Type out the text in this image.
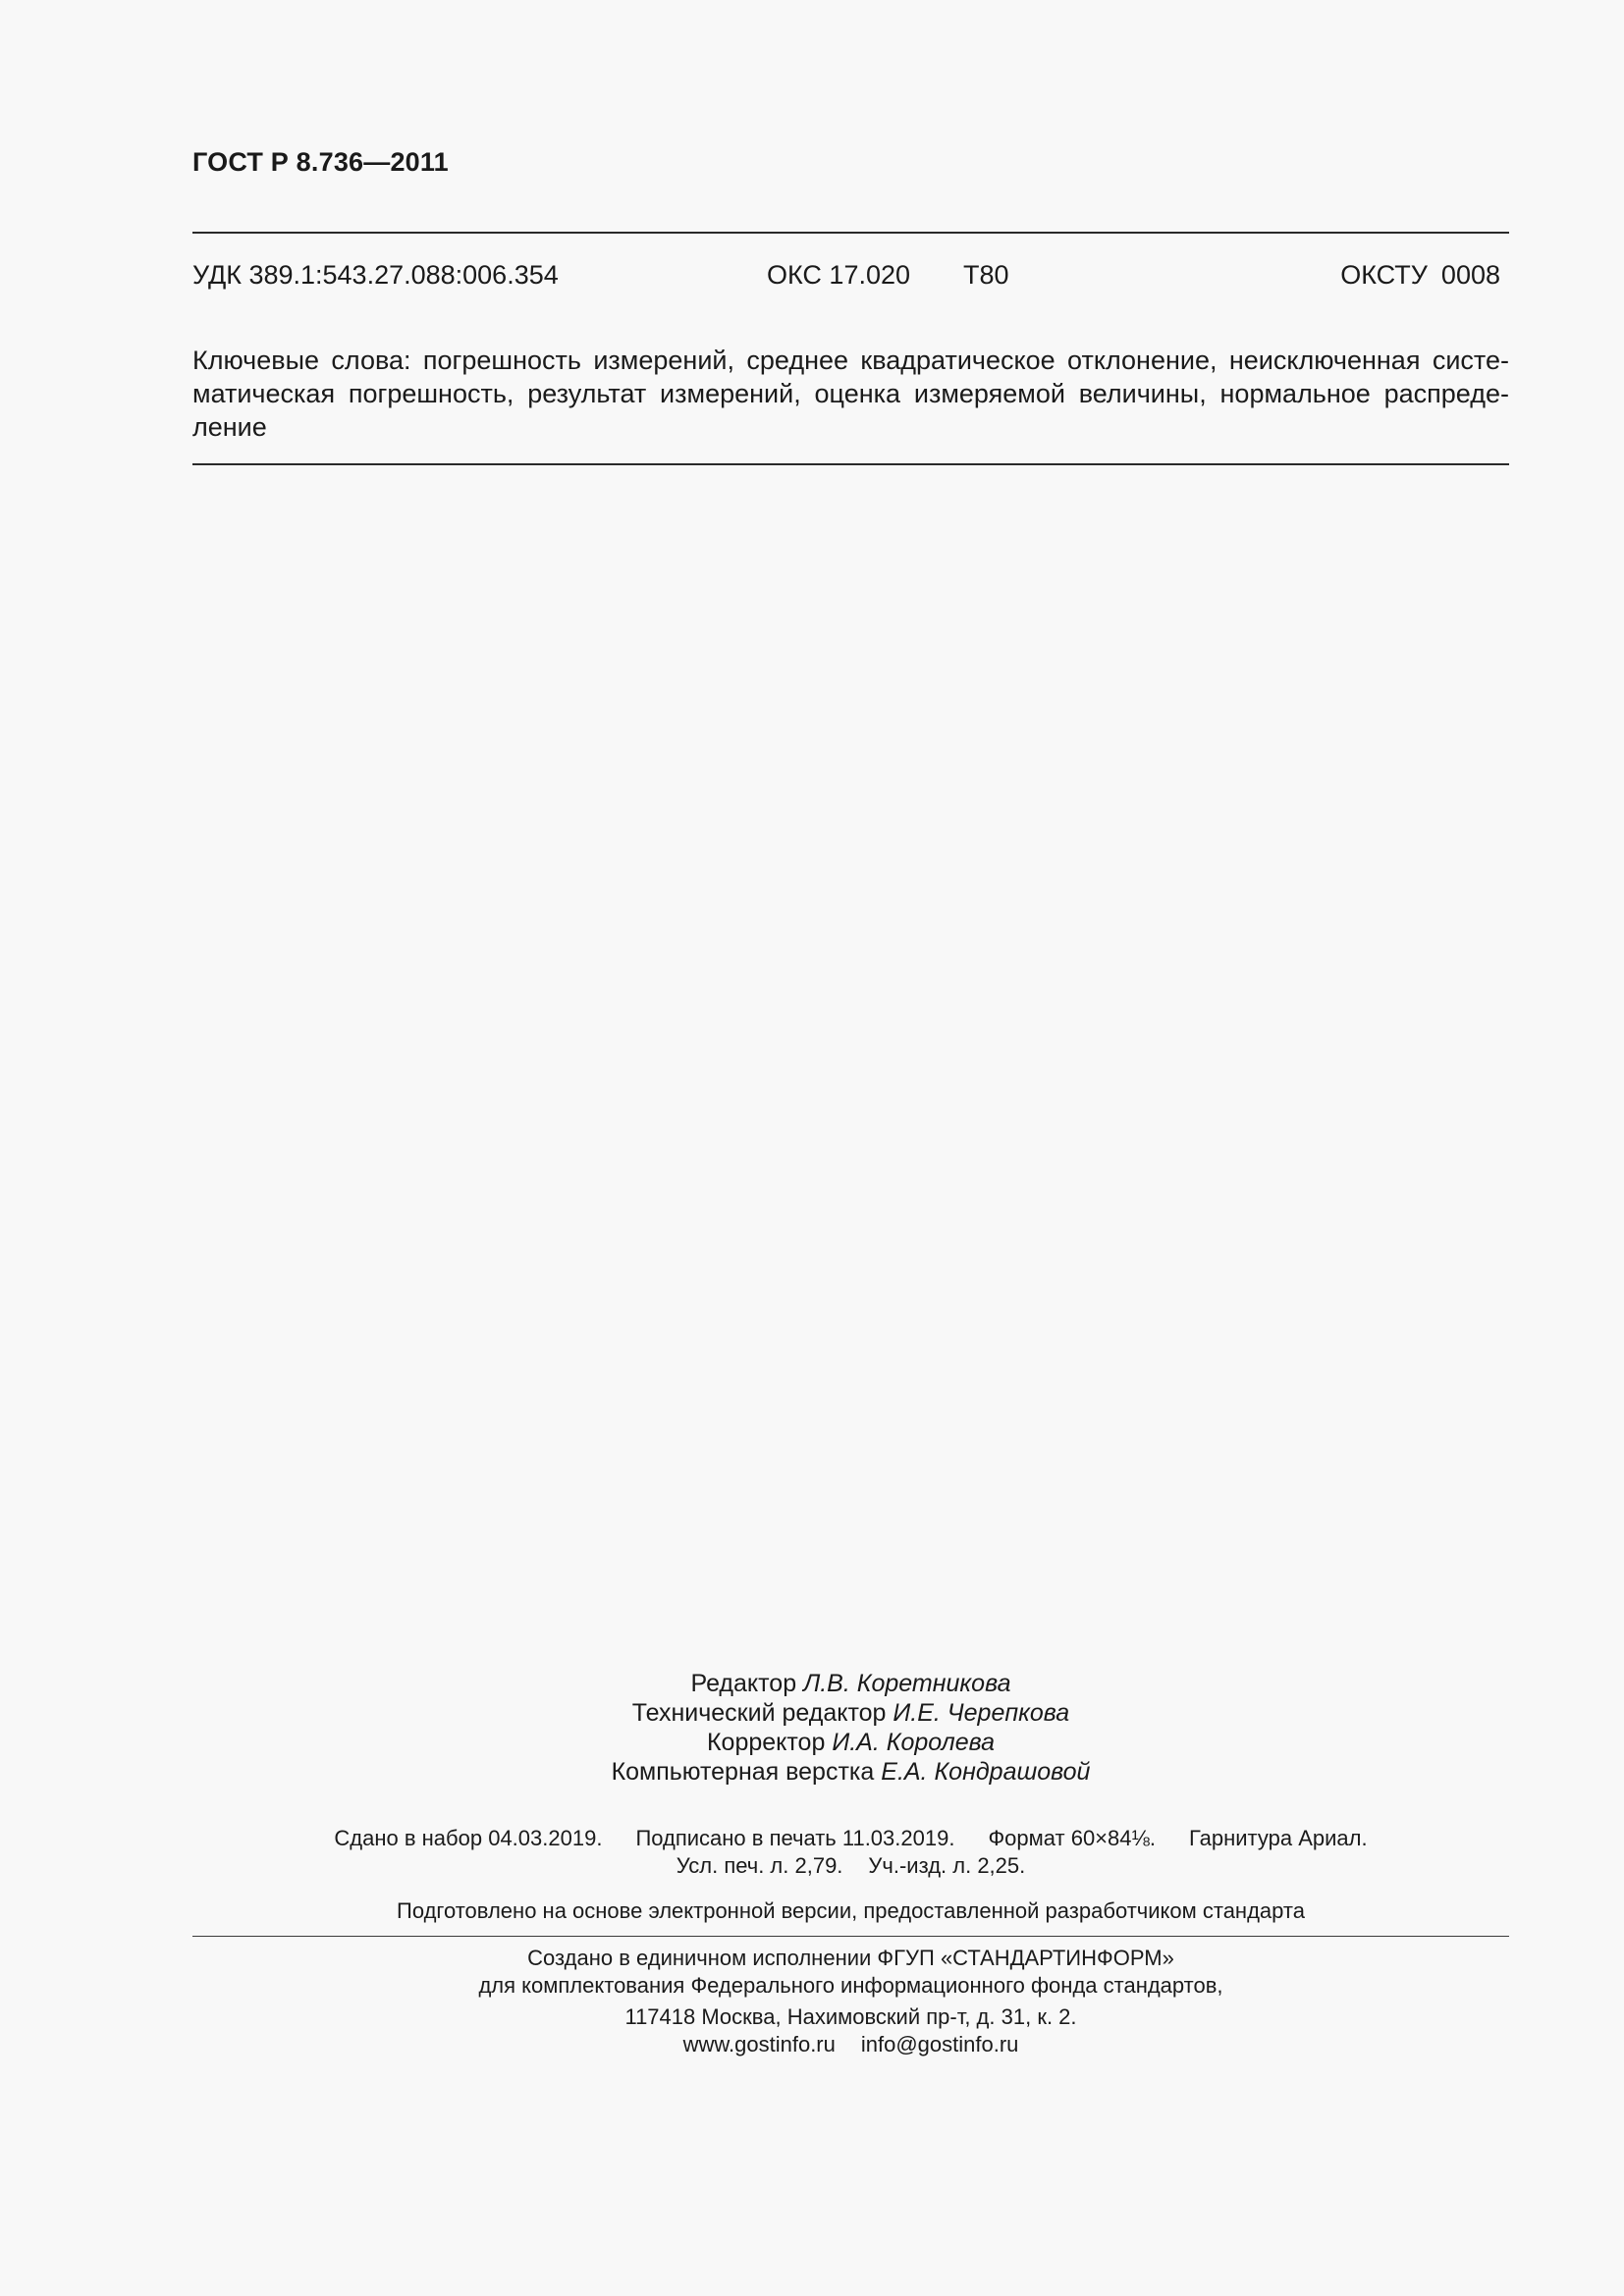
ГОСТ Р 8.736—2011
УДК 389.1:543.27.088:006.354	ОКС 17.020 Т80	ОКСТУ 0008
Ключевые слова: погрешность измерений, среднее квадратическое отклонение, неисключенная систе-
матическая погрешность, результат измерений, оценка измеряемой величины, нормальное распреде-
ление
Редактор Л.В. Коретникова
Технический редактор И.Е. Черепкова
Корректор И.А. Королева
Компьютерная верстка Е.А. Кондрашовой
Сдано в набор 04.03.2019. Подписано в печать 11.03.2019. Формат 60×84⅛. Гарнитура Ариал.
Усл. печ. л. 2,79. Уч.-изд. л. 2,25.
Подготовлено на основе электронной версии, предоставленной разработчиком стандарта
Создано в единичном исполнении ФГУП «СТАНДАРТИНФОРМ»
для комплектования Федерального информационного фонда стандартов,
117418 Москва, Нахимовский пр-т, д. 31, к. 2.
www.gostinfo.ru info@gostinfo.ru
